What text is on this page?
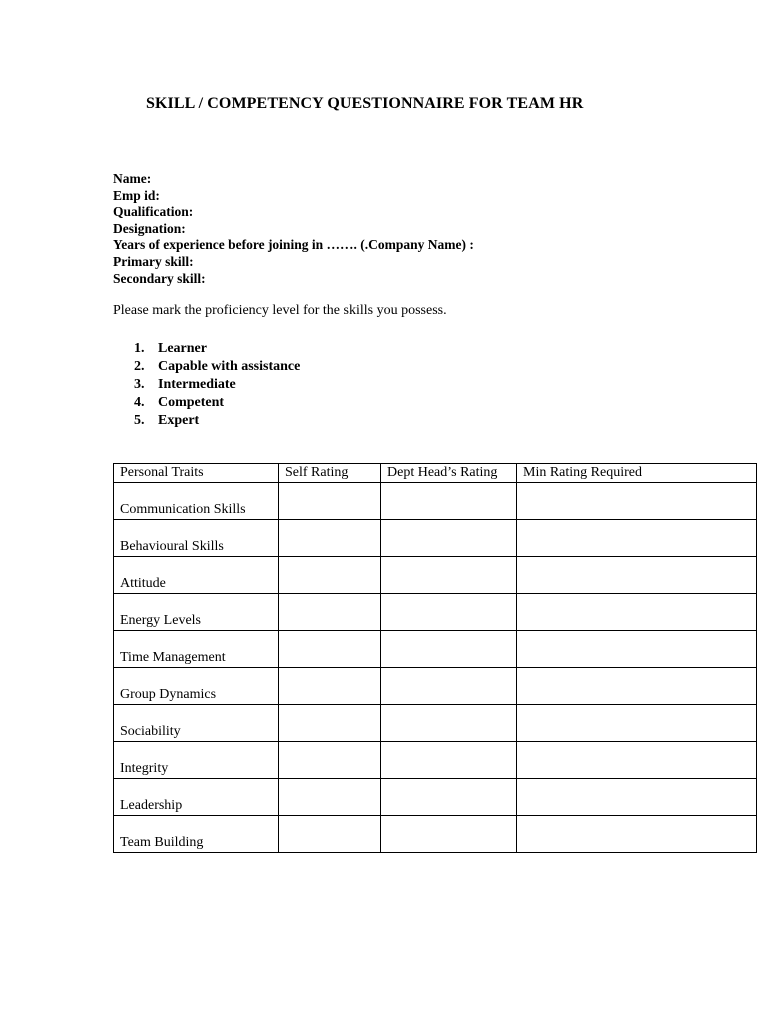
SKILL / COMPETENCY QUESTIONNAIRE FOR TEAM HR
Name:
Emp id:
Qualification:
Designation:
Years of experience before joining in ……. (.Company Name) :
Primary skill:
Secondary skill:
Please mark the proficiency level for the skills you possess.
1. Learner
2. Capable with assistance
3. Intermediate
4. Competent
5. Expert
Personal Traits	Self Rating	Dept Head’s Rating	Min Rating Required
Communication Skills			
Behavioural Skills			
Attitude			
Energy Levels			
Time Management			
Group Dynamics			
Sociability			
Integrity			
Leadership			
Team Building			
